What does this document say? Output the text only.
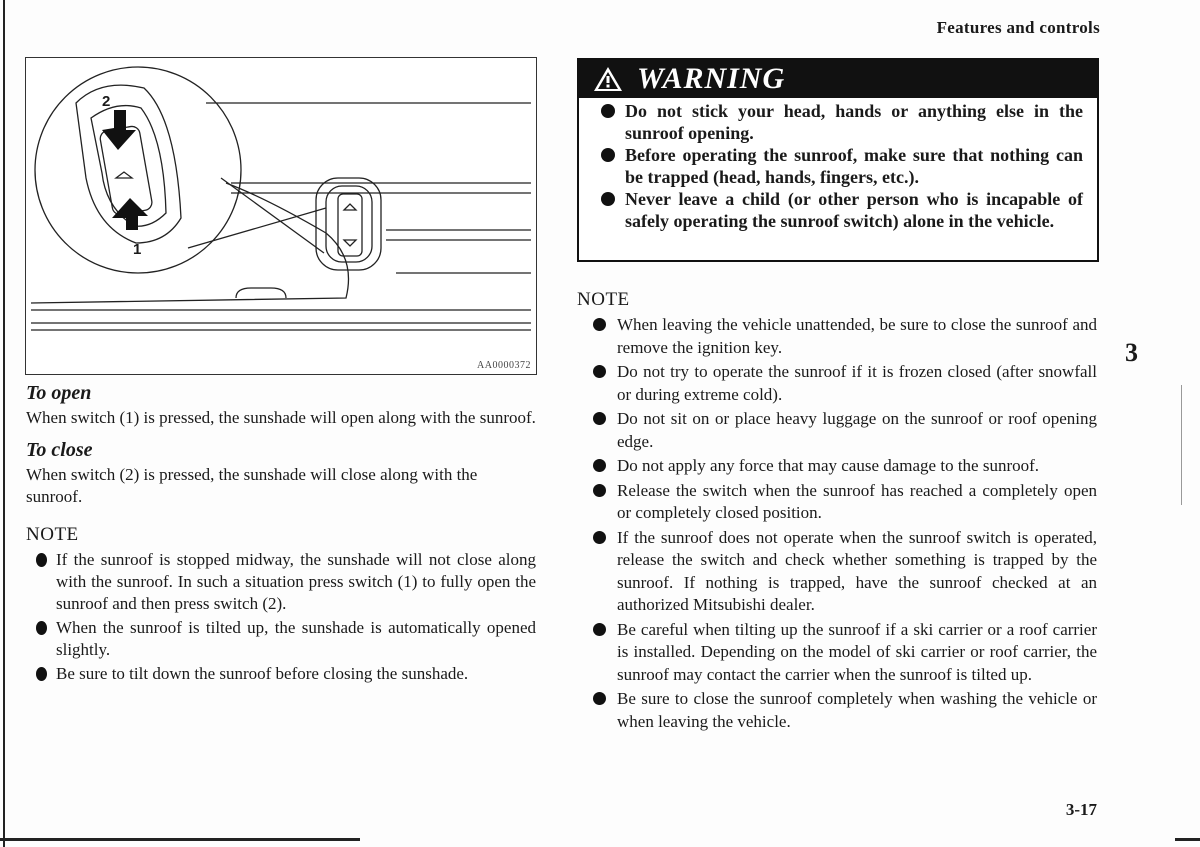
Features and controls
3
3-17
2
1
AA0000372
To open
When switch (1) is pressed, the sunshade will open along with the sunroof.
To close
When switch (2) is pressed, the sunshade will close along with the sunroof.
NOTE
If the sunroof is stopped midway, the sunshade will not close along with the sunroof. In such a situation press switch (1) to fully open the sunroof and then press switch (2).
When the sunroof is tilted up, the sunshade is automatically opened slightly.
Be sure to tilt down the sunroof before closing the sunshade.
WARNING
Do not stick your head, hands or anything else in the sunroof opening.
Before operating the sunroof, make sure that nothing can be trapped (head, hands, fingers, etc.).
Never leave a child (or other person who is incapable of safely operating the sunroof switch) alone in the vehicle.
NOTE
When leaving the vehicle unattended, be sure to close the sunroof and remove the ignition key.
Do not try to operate the sunroof if it is frozen closed (after snowfall or during extreme cold).
Do not sit on or place heavy luggage on the sunroof or roof opening edge.
Do not apply any force that may cause damage to the sunroof.
Release the switch when the sunroof has reached a completely open or completely closed position.
If the sunroof does not operate when the sunroof switch is operated, release the switch and check whether something is trapped by the sunroof. If nothing is trapped, have the sunroof checked at an authorized Mitsubishi dealer.
Be careful when tilting up the sunroof if a ski carrier or a roof carrier is installed. Depending on the model of ski carrier or roof carrier, the sunroof may contact the carrier when the sunroof is tilted up.
Be sure to close the sunroof completely when washing the vehicle or when leaving the vehicle.
